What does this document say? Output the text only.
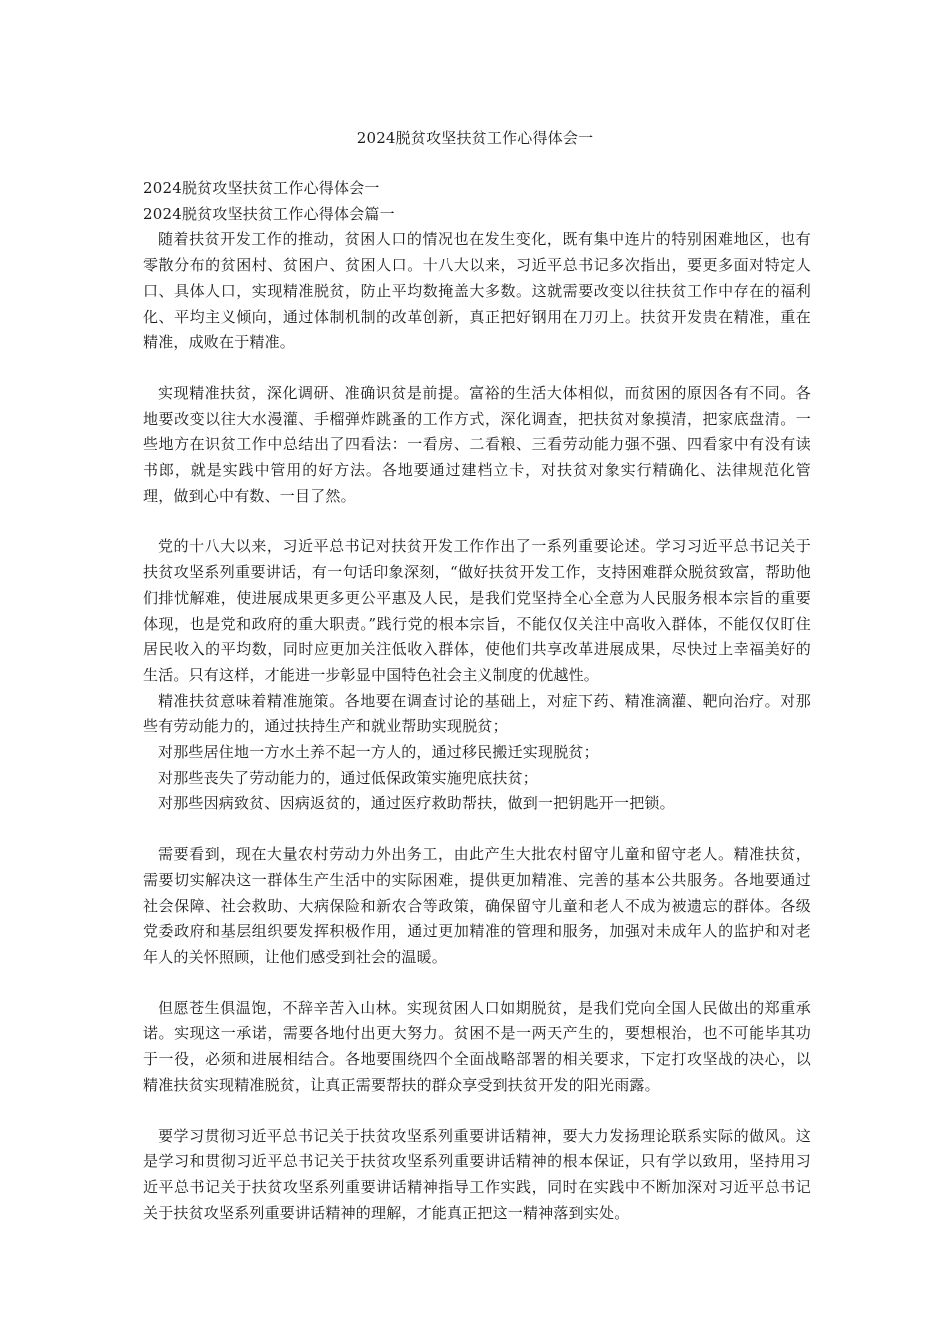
2024脱贫攻坚扶贫工作心得体会一

2024脱贫攻坚扶贫工作心得体会一

2024脱贫攻坚扶贫工作心得体会篇一

随着扶贫开发工作的推动，贫困人口的情况也在发生变化，既有集中连片的特别困难地区，也有零散分布的贫困村、贫困户、贫困人口。十八大以来，习近平总书记多次指出，要更多面对特定人口、具体人口，实现精准脱贫，防止平均数掩盖大多数。这就需要改变以往扶贫工作中存在的福利化、平均主义倾向，通过体制机制的改革创新，真正把好钢用在刀刃上。扶贫开发贵在精准，重在精准，成败在于精准。

实现精准扶贫，深化调研、准确识贫是前提。富裕的生活大体相似，而贫困的原因各有不同。各地要改变以往大水漫灌、手榴弹炸跳蚤的工作方式，深化调查，把扶贫对象摸清，把家底盘清。一些地方在识贫工作中总结出了四看法：一看房、二看粮、三看劳动能力强不强、四看家中有没有读书郎，就是实践中管用的好方法。各地要通过建档立卡，对扶贫对象实行精确化、法律规范化管理，做到心中有数、一目了然。

党的十八大以来，习近平总书记对扶贫开发工作作出了一系列重要论述。学习习近平总书记关于扶贫攻坚系列重要讲话，有一句话印象深刻，“做好扶贫开发工作，支持困难群众脱贫致富，帮助他们排忧解难，使进展成果更多更公平惠及人民，是我们党坚持全心全意为人民服务根本宗旨的重要体现，也是党和政府的重大职责。”践行党的根本宗旨，不能仅仅关注中高收入群体，不能仅仅盯住居民收入的平均数，同时应更加关注低收入群体，使他们共享改革进展成果，尽快过上幸福美好的生活。只有这样，才能进一步彰显中国特色社会主义制度的优越性。

精准扶贫意味着精准施策。各地要在调查讨论的基础上，对症下药、精准滴灌、靶向治疗。对那些有劳动能力的，通过扶持生产和就业帮助实现脱贫；

对那些居住地一方水土养不起一方人的，通过移民搬迁实现脱贫；

对那些丧失了劳动能力的，通过低保政策实施兜底扶贫；

对那些因病致贫、因病返贫的，通过医疗救助帮扶，做到一把钥匙开一把锁。

需要看到，现在大量农村劳动力外出务工，由此产生大批农村留守儿童和留守老人。精准扶贫，需要切实解决这一群体生产生活中的实际困难，提供更加精准、完善的基本公共服务。各地要通过社会保障、社会救助、大病保险和新农合等政策，确保留守儿童和老人不成为被遗忘的群体。各级党委政府和基层组织要发挥积极作用，通过更加精准的管理和服务，加强对未成年人的监护和对老年人的关怀照顾，让他们感受到社会的温暖。

但愿苍生俱温饱，不辞辛苦入山林。实现贫困人口如期脱贫，是我们党向全国人民做出的郑重承诺。实现这一承诺，需要各地付出更大努力。贫困不是一两天产生的，要想根治，也不可能毕其功于一役，必须和进展相结合。各地要围绕四个全面战略部署的相关要求，下定打攻坚战的决心，以精准扶贫实现精准脱贫，让真正需要帮扶的群众享受到扶贫开发的阳光雨露。

要学习贯彻习近平总书记关于扶贫攻坚系列重要讲话精神，要大力发扬理论联系实际的做风。这是学习和贯彻习近平总书记关于扶贫攻坚系列重要讲话精神的根本保证，只有学以致用，坚持用习近平总书记关于扶贫攻坚系列重要讲话精神指导工作实践，同时在实践中不断加深对习近平总书记关于扶贫攻坚系列重要讲话精神的理解，才能真正把这一精神落到实处。
